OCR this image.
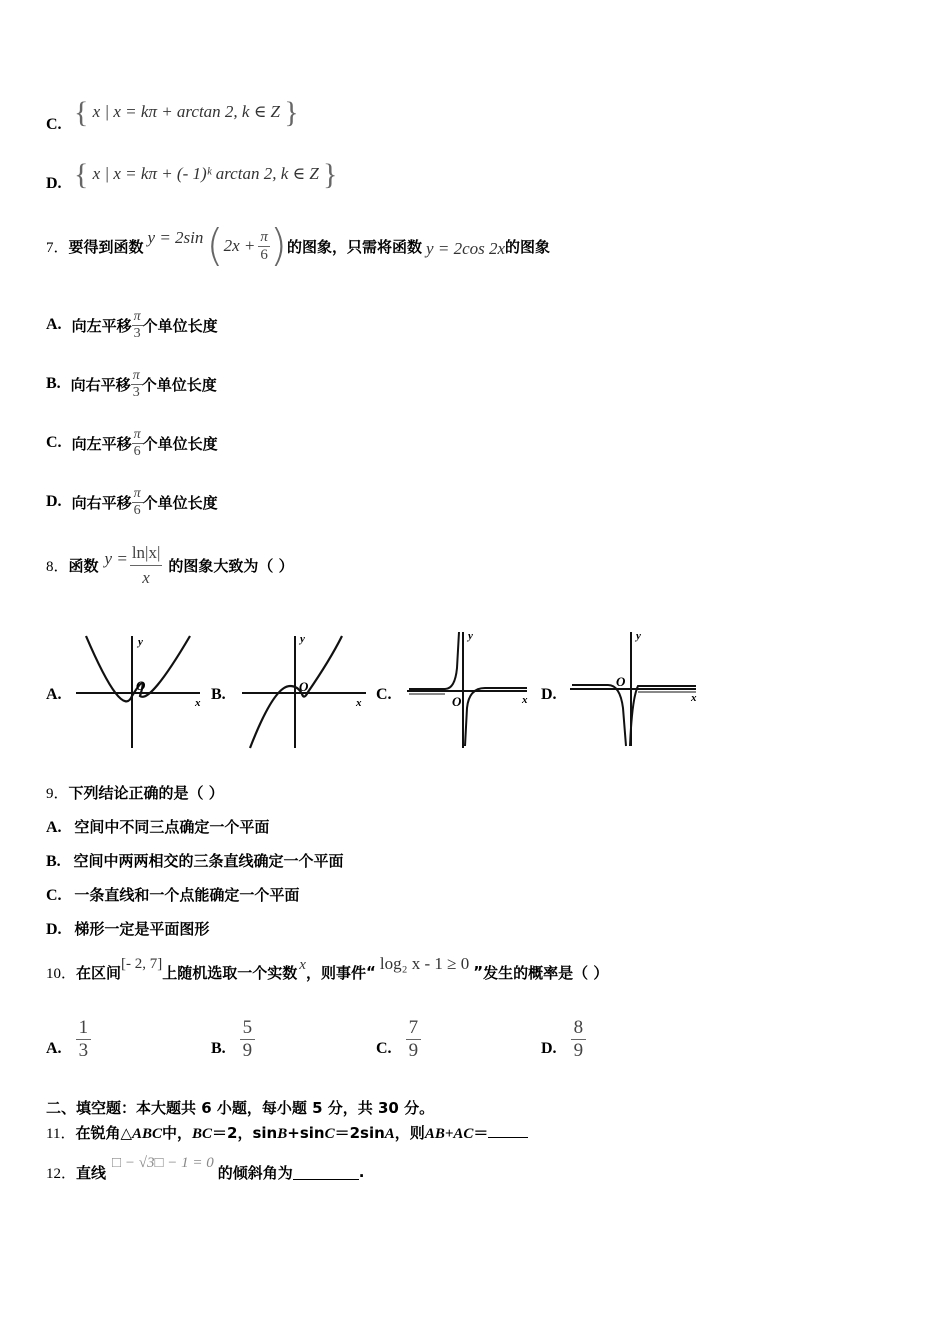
C. { x | x = kπ + arctan 2, k ∈ Z }
D. { x | x = kπ + (- 1)ᵏ arctan 2, k ∈ Z }
7． 要得到函数 y = 2sin ( $2x + \frac{\pi}{6}$ ) 的图象，只需将函数 y = 2cos 2x 的图象
A. 向左平移 $\frac{\pi}{3}$ 个单位长度
B. 向右平移 $\frac{\pi}{3}$ 个单位长度
C. 向左平移 $\frac{\pi}{6}$ 个单位长度
D. 向右平移 $\frac{\pi}{6}$ 个单位长度
8． 函数 $y = \frac{\ln|x|}{x}$ 的图象大致为（ ）
A.	B.	C.	D.
y
x
O
y
x
O
y
x
O
y
x
O
9．下列结论正确的是（ ）
A. 空间中不同三点确定一个平面
B. 空间中两两相交的三条直线确定一个平面
C. 一条直线和一个点能确定一个平面
D. 梯形一定是平面图形
10． 在区间 [- 2, 7] 上随机选取一个实数 x ，则事件 “ log₂ x - 1 ≥ 0 ” 发生的概率是（ ）
A. $\frac{1}{3}$	B. $\frac{5}{9}$	C. $\frac{7}{9}$	D. $\frac{8}{9}$
二、填空题：本大题共 6 小题，每小题 5 分，共 30 分。
11．在锐角△ABC中，BC＝2，sinB+sinC＝2sinA，则AB+AC＝
12． 直线
□ − √3□ − 1 = 0
的倾斜角为	.
